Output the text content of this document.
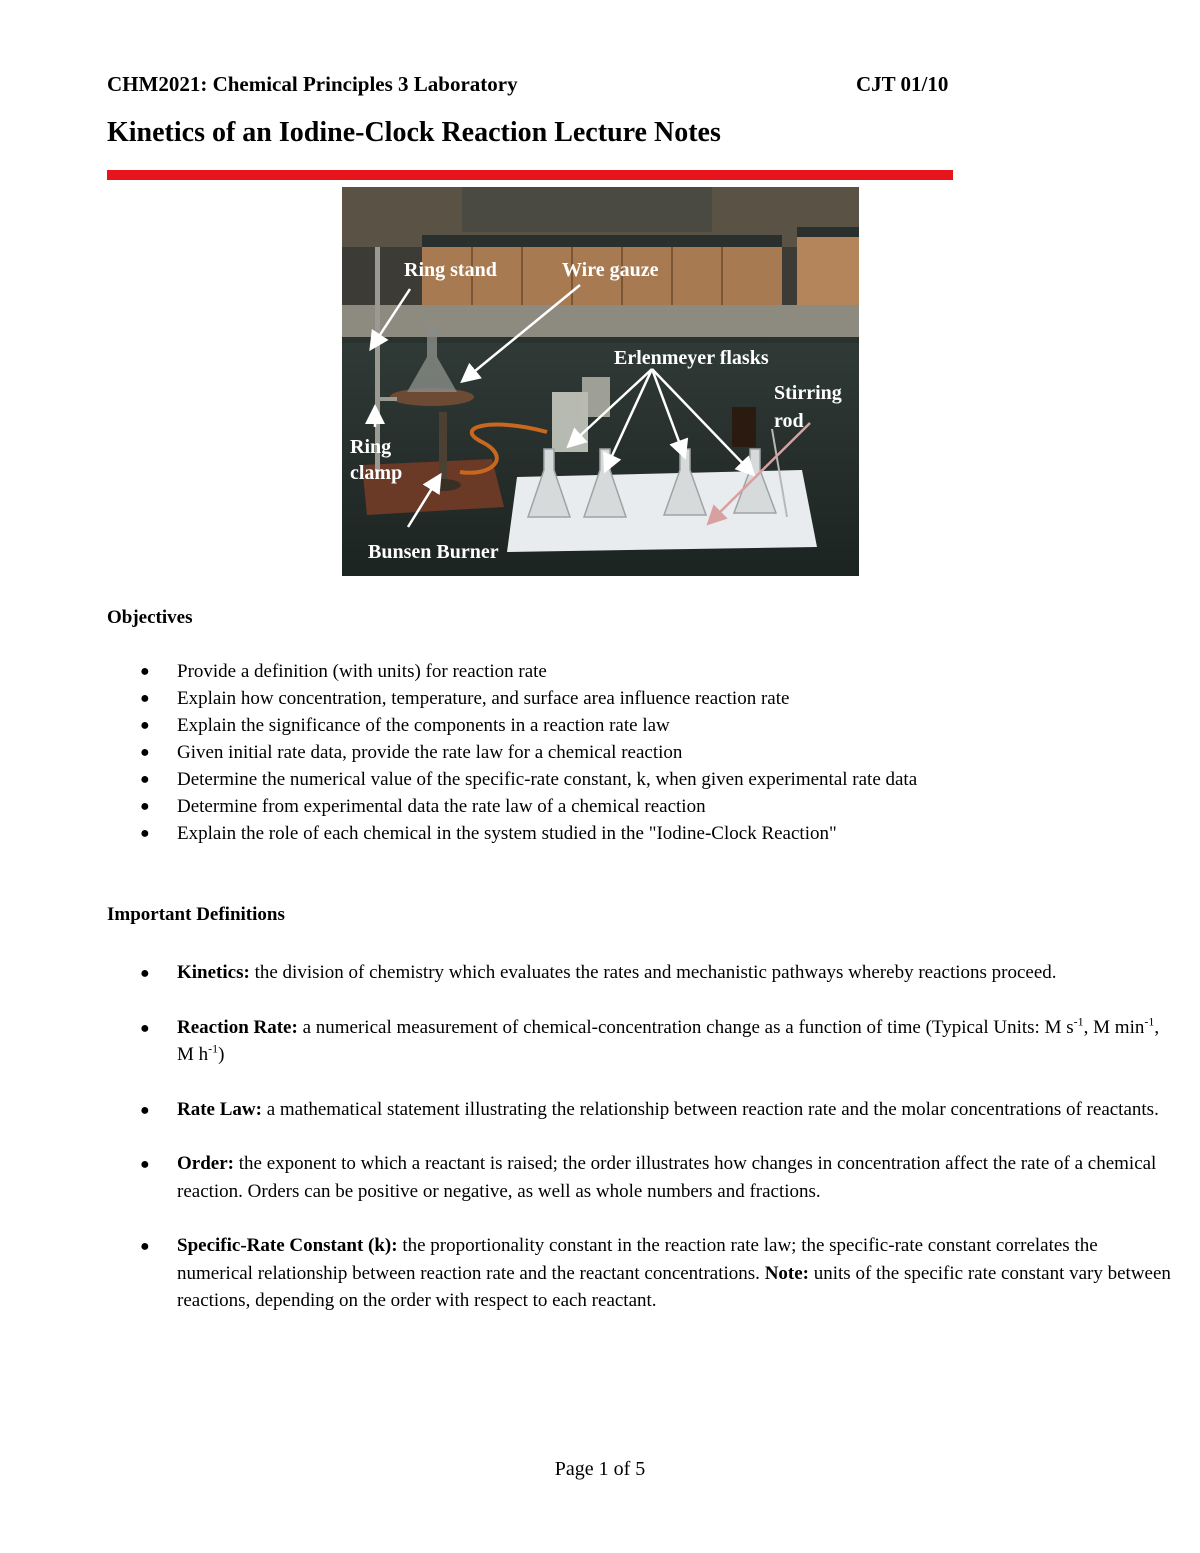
CHM2021: Chemical Principles 3 Laboratory	CJT 01/10
Kinetics of an Iodine-Clock Reaction Lecture Notes
Ring stand	Wire gauze
Erlenmeyer flasks
Stirring
rod
Ring
clamp
Bunsen Burner
Objectives
● Provide a definition (with units) for reaction rate
● Explain how concentration, temperature, and surface area influence reaction rate
● Explain the significance of the components in a reaction rate law
● Given initial rate data, provide the rate law for a chemical reaction
● Determine the numerical value of the specific-rate constant, k, when given experimental rate data
● Determine from experimental data the rate law of a chemical reaction
● Explain the role of each chemical in the system studied in the "Iodine-Clock Reaction"
Important Definitions
● Kinetics: the division of chemistry which evaluates the rates and mechanistic pathways whereby reactions proceed.
● Reaction Rate: a numerical measurement of chemical-concentration change as a function of time (Typical Units: M $s^{-1}$, M $\min^{-1}$, M $h^{-1}$)
● Rate Law: a mathematical statement illustrating the relationship between reaction rate and the molar concentrations of reactants.
● Order: the exponent to which a reactant is raised; the order illustrates how changes in concentration affect the rate of a chemical reaction. Orders can be positive or negative, as well as whole numbers and fractions.
● Specific-Rate Constant (k): the proportionality constant in the reaction rate law; the specific-rate constant correlates the numerical relationship between reaction rate and the reactant concentrations. Note: units of the specific rate constant vary between reactions, depending on the order with respect to each reactant.
Page 1 of 5
